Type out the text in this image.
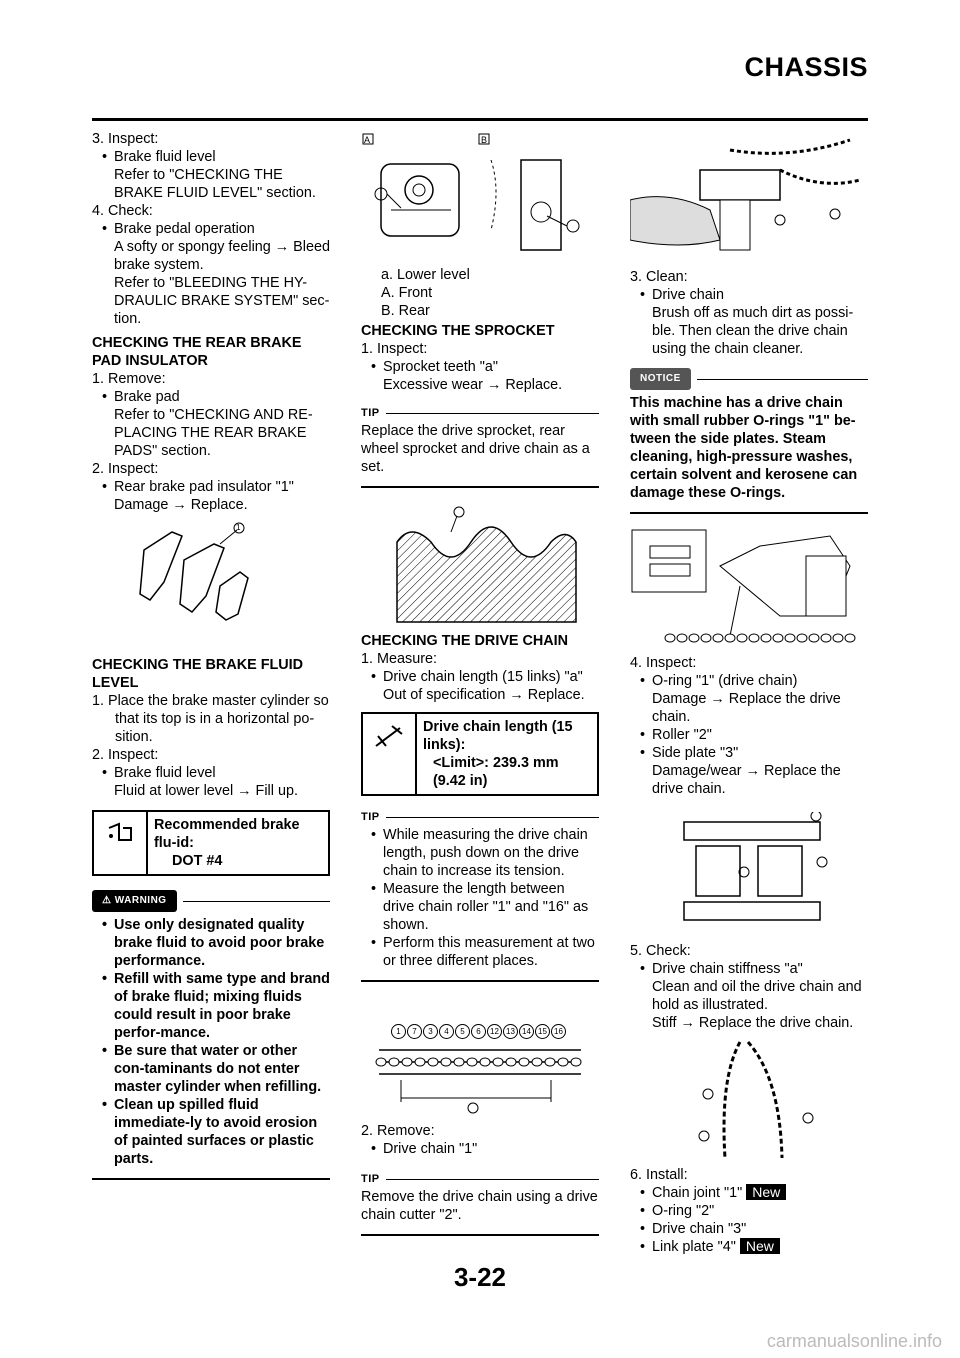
CHASSIS

3. Inspect:

• Brake fluid level

Refer to "CHECKING THE BRAKE FLUID LEVEL" section.

4. Check:

• Brake pedal operation

A softy or spongy feeling → Bleed brake system.

Refer to "BLEEDING THE HY-DRAULIC BRAKE SYSTEM" sec-tion.

CHECKING THE REAR BRAKE PAD INSULATOR

1. Remove:

• Brake pad

Refer to "CHECKING AND RE-PLACING THE REAR BRAKE PADS" section.

2. Inspect:

• Rear brake pad insulator "1"

Damage → Replace.

1

CHECKING THE BRAKE FLUID LEVEL

1. Place the brake master cylinder so that its top is in a horizontal po-sition.

2. Inspect:

• Brake fluid level

Fluid at lower level → Fill up.

Recommended brake flu-id:

DOT #4

⚠ WARNING

• Use only designated quality brake fluid to avoid poor brake performance.

• Refill with same type and brand of brake fluid; mixing fluids could result in poor brake perfor-mance.

• Be sure that water or other con-taminants do not enter master cylinder when refilling.

• Clean up spilled fluid immediate-ly to avoid erosion of painted surfaces or plastic parts.

A	B

a. Lower level

A. Front

B. Rear

CHECKING THE SPROCKET

1. Inspect:

• Sprocket teeth "a"

Excessive wear → Replace.

TIP

Replace the drive sprocket, rear wheel sprocket and drive chain as a set.

CHECKING THE DRIVE CHAIN

1. Measure:

• Drive chain length (15 links) "a"

Out of specification → Replace.

Drive chain length (15 links):

<Limit>: 239.3 mm

(9.42 in)

TIP

• While measuring the drive chain length, push down on the drive chain to increase its tension.

• Measure the length between drive chain roller "1" and "16" as shown.

• Perform this measurement at two or three different places.

1	7	3	4	5	6	12 13 14 15 16

2. Remove:

• Drive chain "1"

TIP

Remove the drive chain using a drive chain cutter "2".

3. Clean:

• Drive chain

Brush off as much dirt as possi-ble. Then clean the drive chain using the chain cleaner.

NOTICE

This machine has a drive chain with small rubber O-rings "1" be-tween the side plates. Steam cleaning, high-pressure washes, certain solvent and kerosene can damage these O-rings.

4. Inspect:

• O-ring "1" (drive chain)

Damage → Replace the drive chain.

• Roller "2"

• Side plate "3"

Damage/wear → Replace the drive chain.

5. Check:

• Drive chain stiffness "a"

Clean and oil the drive chain and hold as illustrated.

Stiff → Replace the drive chain.

6. Install:

• Chain joint "1" New

• O-ring "2"

• Drive chain "3"

• Link plate "4" New

3-22
carmanualsonline.info
